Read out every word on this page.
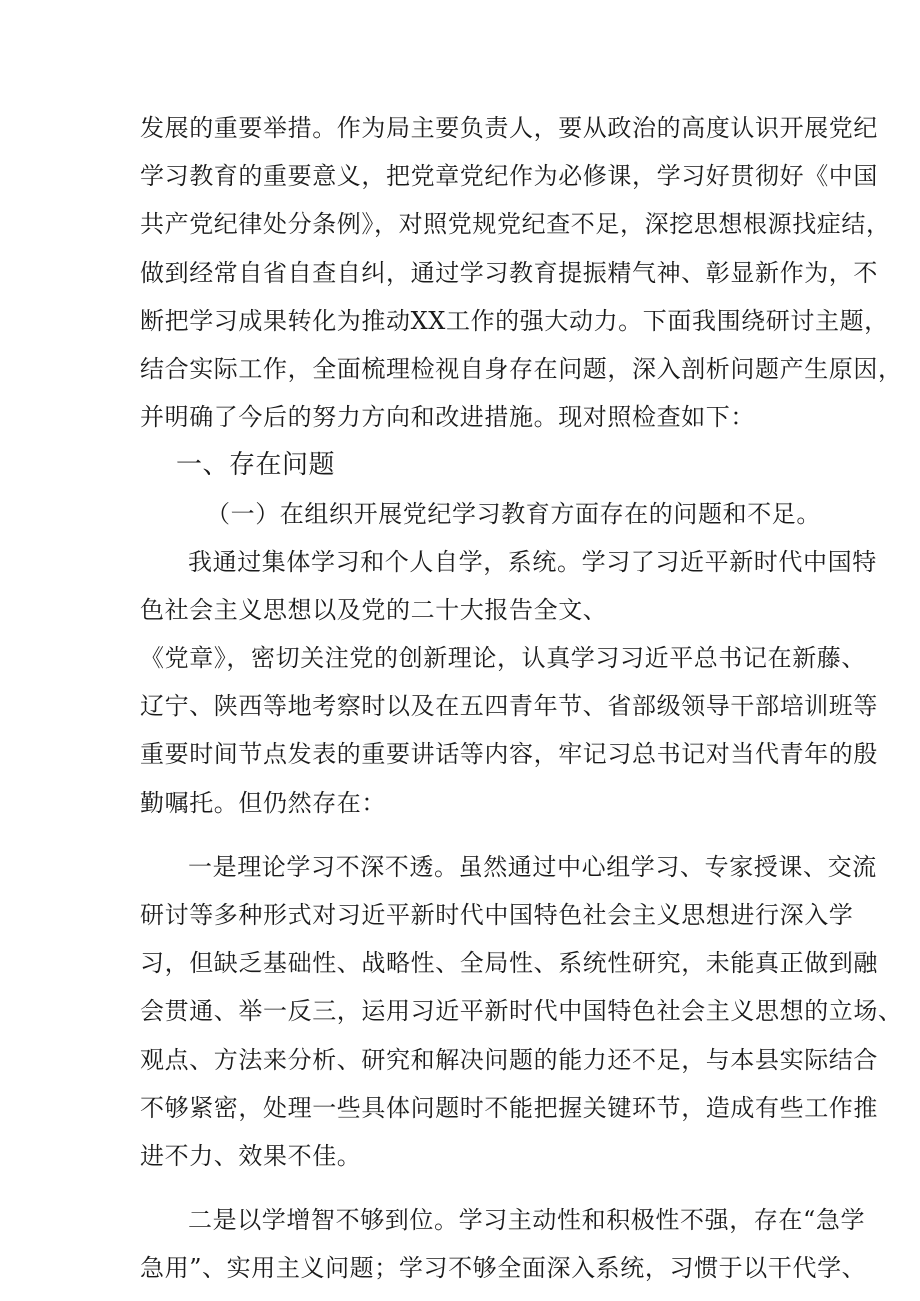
发展的重要举措。作为局主要负责人，要从政治的高度认识开展党纪
学习教育的重要意义，把党章党纪作为必修课，学习好贯彻好《中国
共产党纪律处分条例》，对照党规党纪查不足，深挖思想根源找症结，
做到经常自省自查自纠，通过学习教育提振精气神、彰显新作为，不
断把学习成果转化为推动XX工作的强大动力。下面我围绕研讨主题，
结合实际工作，全面梳理检视自身存在问题，深入剖析问题产生原因，
并明确了今后的努力方向和改进措施。现对照检查如下：
一、存在问题
（一）在组织开展党纪学习教育方面存在的问题和不足。
我通过集体学习和个人自学，系统。学习了习近平新时代中国特
色社会主义思想以及党的二十大报告全文、
《党章》，密切关注党的创新理论，认真学习习近平总书记在新藤、
辽宁、陕西等地考察时以及在五四青年节、省部级领导干部培训班等
重要时间节点发表的重要讲话等内容，牢记习总书记对当代青年的殷
勤嘱托。但仍然存在：
一是理论学习不深不透。虽然通过中心组学习、专家授课、交流
研讨等多种形式对习近平新时代中国特色社会主义思想进行深入学
习，但缺乏基础性、战略性、全局性、系统性研究，未能真正做到融
会贯通、举一反三，运用习近平新时代中国特色社会主义思想的立场、
观点、方法来分析、研究和解决问题的能力还不足，与本县实际结合
不够紧密，处理一些具体问题时不能把握关键环节，造成有些工作推
进不力、效果不佳。
二是以学增智不够到位。学习主动性和积极性不强，存在“急学
急用”、实用主义问题；学习不够全面深入系统，习惯于以干代学、
